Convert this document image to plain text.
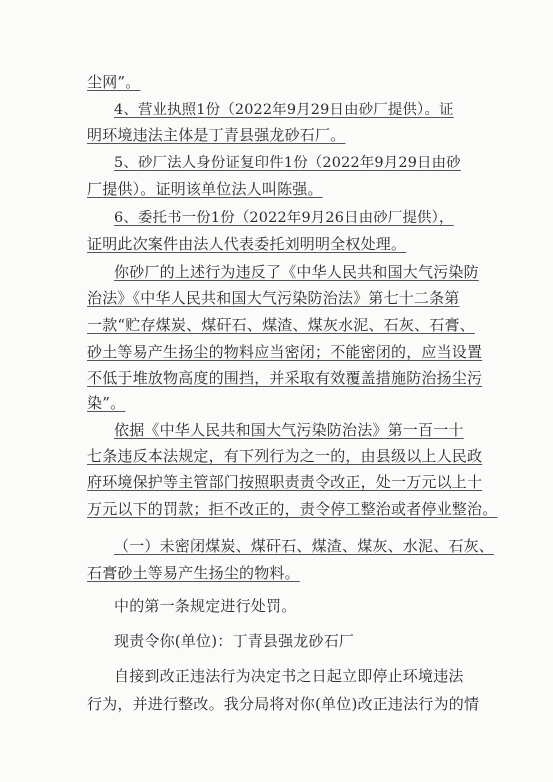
尘网”。
4、营业执照1份（2022年9月29日由砂厂提供）。证
明环境违法主体是丁青县强龙砂石厂。
5、砂厂法人身份证复印件1份（2022年9月29日由砂
厂提供）。证明该单位法人叫陈强。
6、委托书一份1份（2022年9月26日由砂厂提供），
证明此次案件由法人代表委托刘明明全权处理。
你砂厂的上述行为违反了《中华人民共和国大气污染防
治法》《中华人民共和国大气污染防治法》第七十二条第
一款“贮存煤炭、煤矸石、煤渣、煤灰水泥、石灰、石膏、
砂土等易产生扬尘的物料应当密闭；不能密闭的，应当设置
不低于堆放物高度的围挡，并采取有效覆盖措施防治扬尘污
染”。
依据《中华人民共和国大气污染防治法》第一百一十
七条违反本法规定，有下列行为之一的，由县级以上人民政
府环境保护等主管部门按照职责责令改正，处一万元以上十
万元以下的罚款；拒不改正的，责令停工整治或者停业整治。
（一）未密闭煤炭、煤矸石、煤渣、煤灰、水泥、石灰、
石膏砂土等易产生扬尘的物料。
中的第一条规定进行处罚。
现责令你(单位)：丁青县强龙砂石厂
自接到改正违法行为决定书之日起立即停止环境违法
行为，并进行整改。我分局将对你(单位)改正违法行为的情
